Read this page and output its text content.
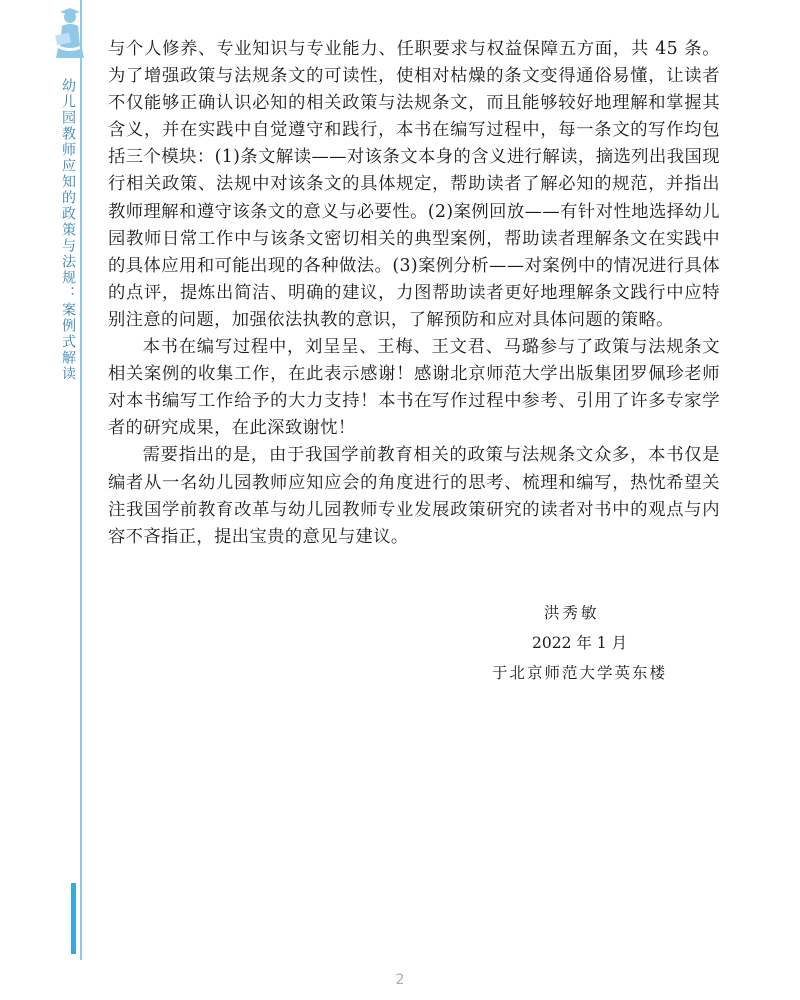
幼儿园教师应知的政策与法规：案例式解读

与个人修养、专业知识与专业能力、任职要求与权益保障五方面，共 45 条。为了增强政策与法规条文的可读性，使相对枯燥的条文变得通俗易懂，让读者不仅能够正确认识必知的相关政策与法规条文，而且能够较好地理解和掌握其含义，并在实践中自觉遵守和践行，本书在编写过程中，每一条文的写作均包括三个模块：(1)条文解读——对该条文本身的含义进行解读，摘选列出我国现行相关政策、法规中对该条文的具体规定，帮助读者了解必知的规范，并指出教师理解和遵守该条文的意义与必要性。(2)案例回放——有针对性地选择幼儿园教师日常工作中与该条文密切相关的典型案例，帮助读者理解条文在实践中的具体应用和可能出现的各种做法。(3)案例分析——对案例中的情况进行具体的点评，提炼出简洁、明确的建议，力图帮助读者更好地理解条文践行中应特别注意的问题，加强依法执教的意识，了解预防和应对具体问题的策略。

本书在编写过程中，刘呈呈、王梅、王文君、马璐参与了政策与法规条文相关案例的收集工作，在此表示感谢！感谢北京师范大学出版集团罗佩珍老师对本书编写工作给予的大力支持！本书在写作过程中参考、引用了许多专家学者的研究成果，在此深致谢忱！

需要指出的是，由于我国学前教育相关的政策与法规条文众多，本书仅是编者从一名幼儿园教师应知应会的角度进行的思考、梳理和编写，热忱希望关注我国学前教育改革与幼儿园教师专业发展政策研究的读者对书中的观点与内容不吝指正，提出宝贵的意见与建议。

洪秀敏
2022 年 1 月
于北京师范大学英东楼
2
